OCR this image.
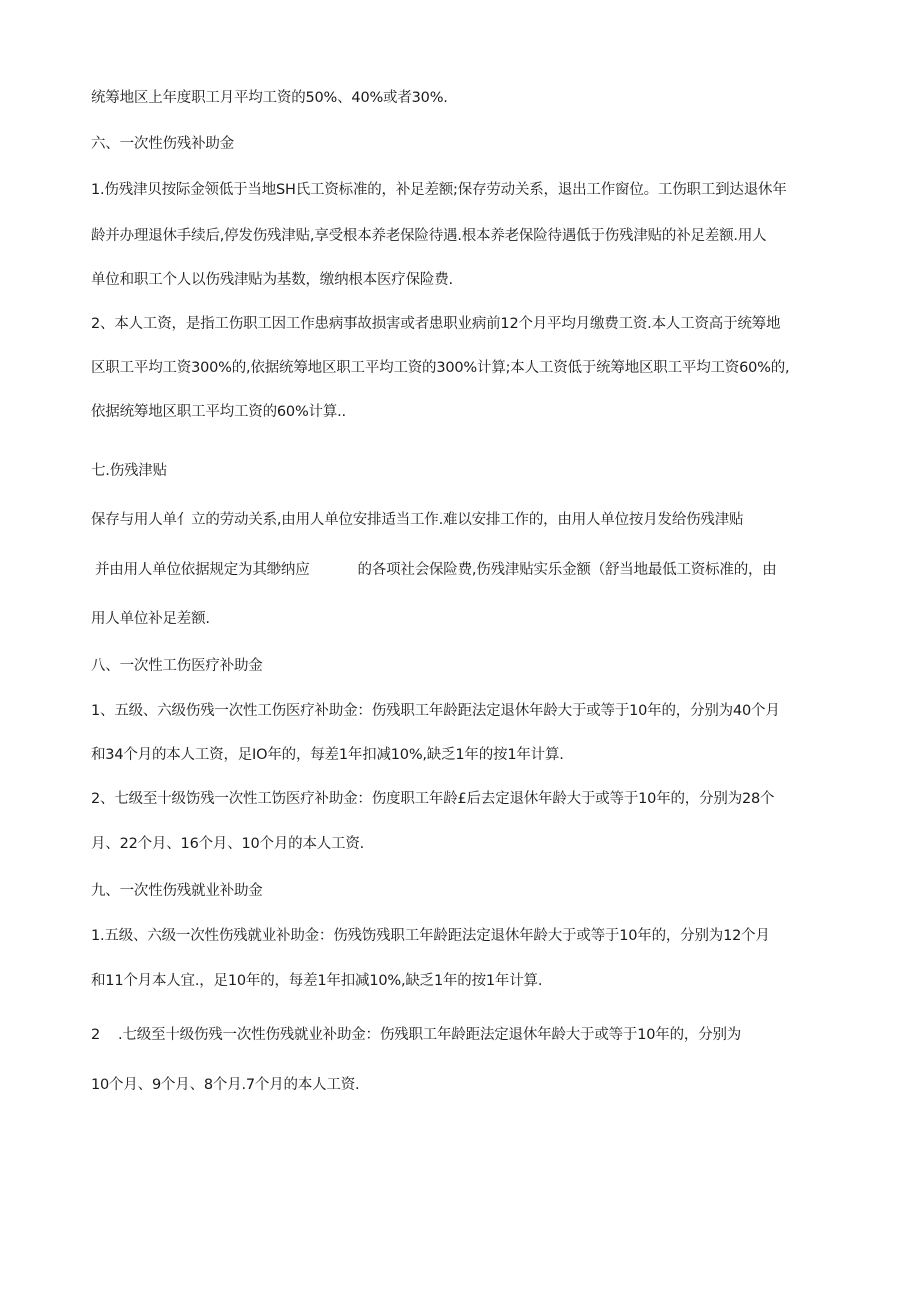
统筹地区上年度职工月平均工资的50%、40%或者30%.

六、一次性伤残补助金

1.伤残津贝按际金领低于当地SH氏工资标准的，补足差额;保存劳动关系，退出工作窗位。工伤职工到达退休年

龄并办理退休手续后,停发伤残津贴,享受根本养老保险待遇.根本养老保险待遇低于伤残津贴的补足差额.用人

单位和职工个人以伤残津贴为基数，缴纳根本医疗保险费.

2、本人工资，是指工伤职工因工作患病事故损害或者患职业病前12个月平均月缴费工资.本人工资高于统筹地

区职工平均工资300%的,依据统筹地区职工平均工资的300%计算;本人工资低于统筹地区职工平均工资60%的,

依据统筹地区职工平均工资的60%计算..

七.伤残津贴

保存与用人单亻立的劳动关系,由用人单位安排适当工作.难以安排工作的，由用人单位按月发给伤残津贴

并由用人单位依据规定为其缈纳应	的各项社会保险费,伤残津贴实乐金额（舒当地最低工资标准的，由

用人单位补足差额.

八、一次性工伤医疗补助金

1、五级、六级伤残一次性工伤医疗补助金：伤残职工年龄距法定退休年龄大于或等于10年的，分别为40个月

和34个月的本人工资，足IO年的，每差1年扣减10%,缺乏1年的按1年计算.

2、七级至十级饬残一次性工饬医疗补助金：伤度职工年龄£后去定退休年龄大于或等于10年的，分别为28个

月、22个月、16个月、10个月的本人工资.

九、一次性伤残就业补助金

1.五级、六级一次性伤残就业补助金：伤残饬残职工年龄距法定退休年龄大于或等于10年的，分别为12个月

和11个月本人宜.，足10年的，每差1年扣减10%,缺乏1年的按1年计算.

2 .七级至十级伤残一次性伤残就业补助金：伤残职工年龄距法定退休年龄大于或等于10年的，分别为

10个月、9个月、8个月.7个月的本人工资.
